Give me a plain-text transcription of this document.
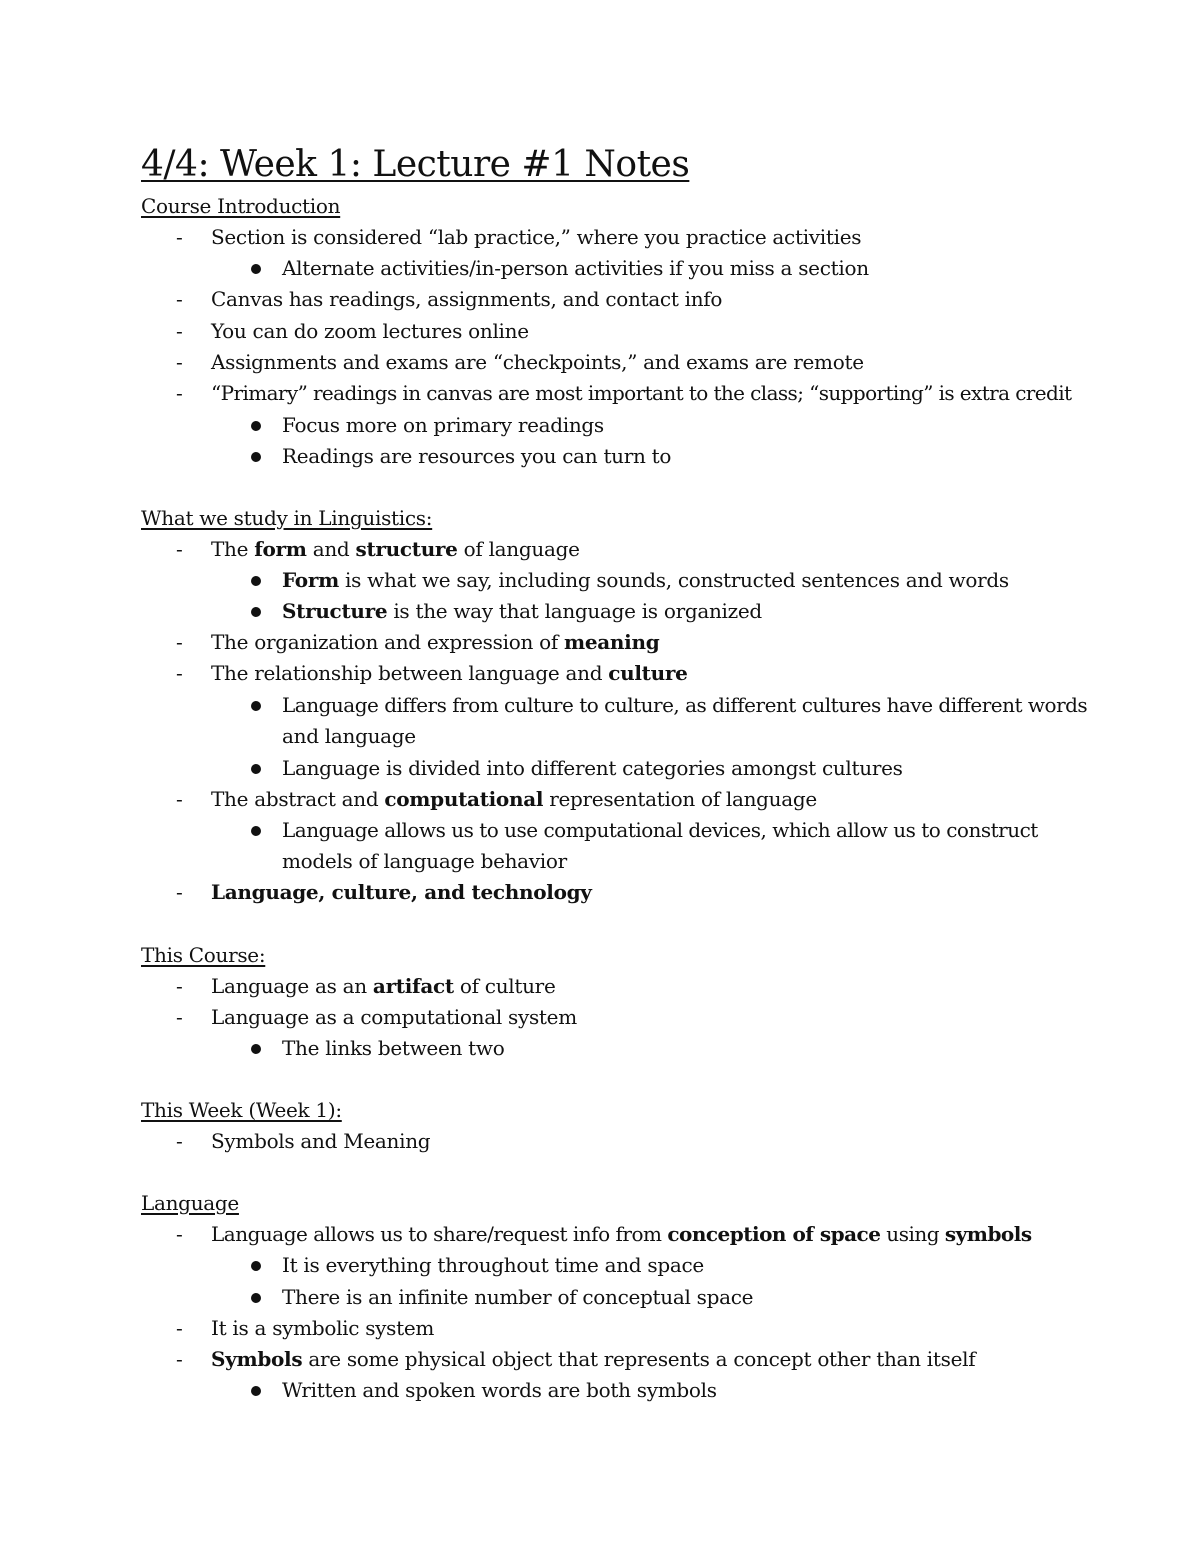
4/4: Week 1: Lecture #1 Notes
Course Introduction
- Section is considered “lab practice,” where you practice activities
Alternate activities/in-person activities if you miss a section
- Canvas has readings, assignments, and contact info
- You can do zoom lectures online
- Assignments and exams are “checkpoints,” and exams are remote
- “Primary” readings in canvas are most important to the class; “supporting” is extra credit
Focus more on primary readings
Readings are resources you can turn to
What we study in Linguistics:
- The form and structure of language
Form is what we say, including sounds, constructed sentences and words
Structure is the way that language is organized
- The organization and expression of meaning
- The relationship between language and culture
Language differs from culture to culture, as different cultures have different words
and language
Language is divided into different categories amongst cultures
- The abstract and computational representation of language
Language allows us to use computational devices, which allow us to construct
models of language behavior
- Language, culture, and technology
This Course:
- Language as an artifact of culture
- Language as a computational system
The links between two
This Week (Week 1):
- Symbols and Meaning
Language
- Language allows us to share/request info from conception of space using symbols
It is everything throughout time and space
There is an infinite number of conceptual space
- It is a symbolic system
- Symbols are some physical object that represents a concept other than itself
Written and spoken words are both symbols
